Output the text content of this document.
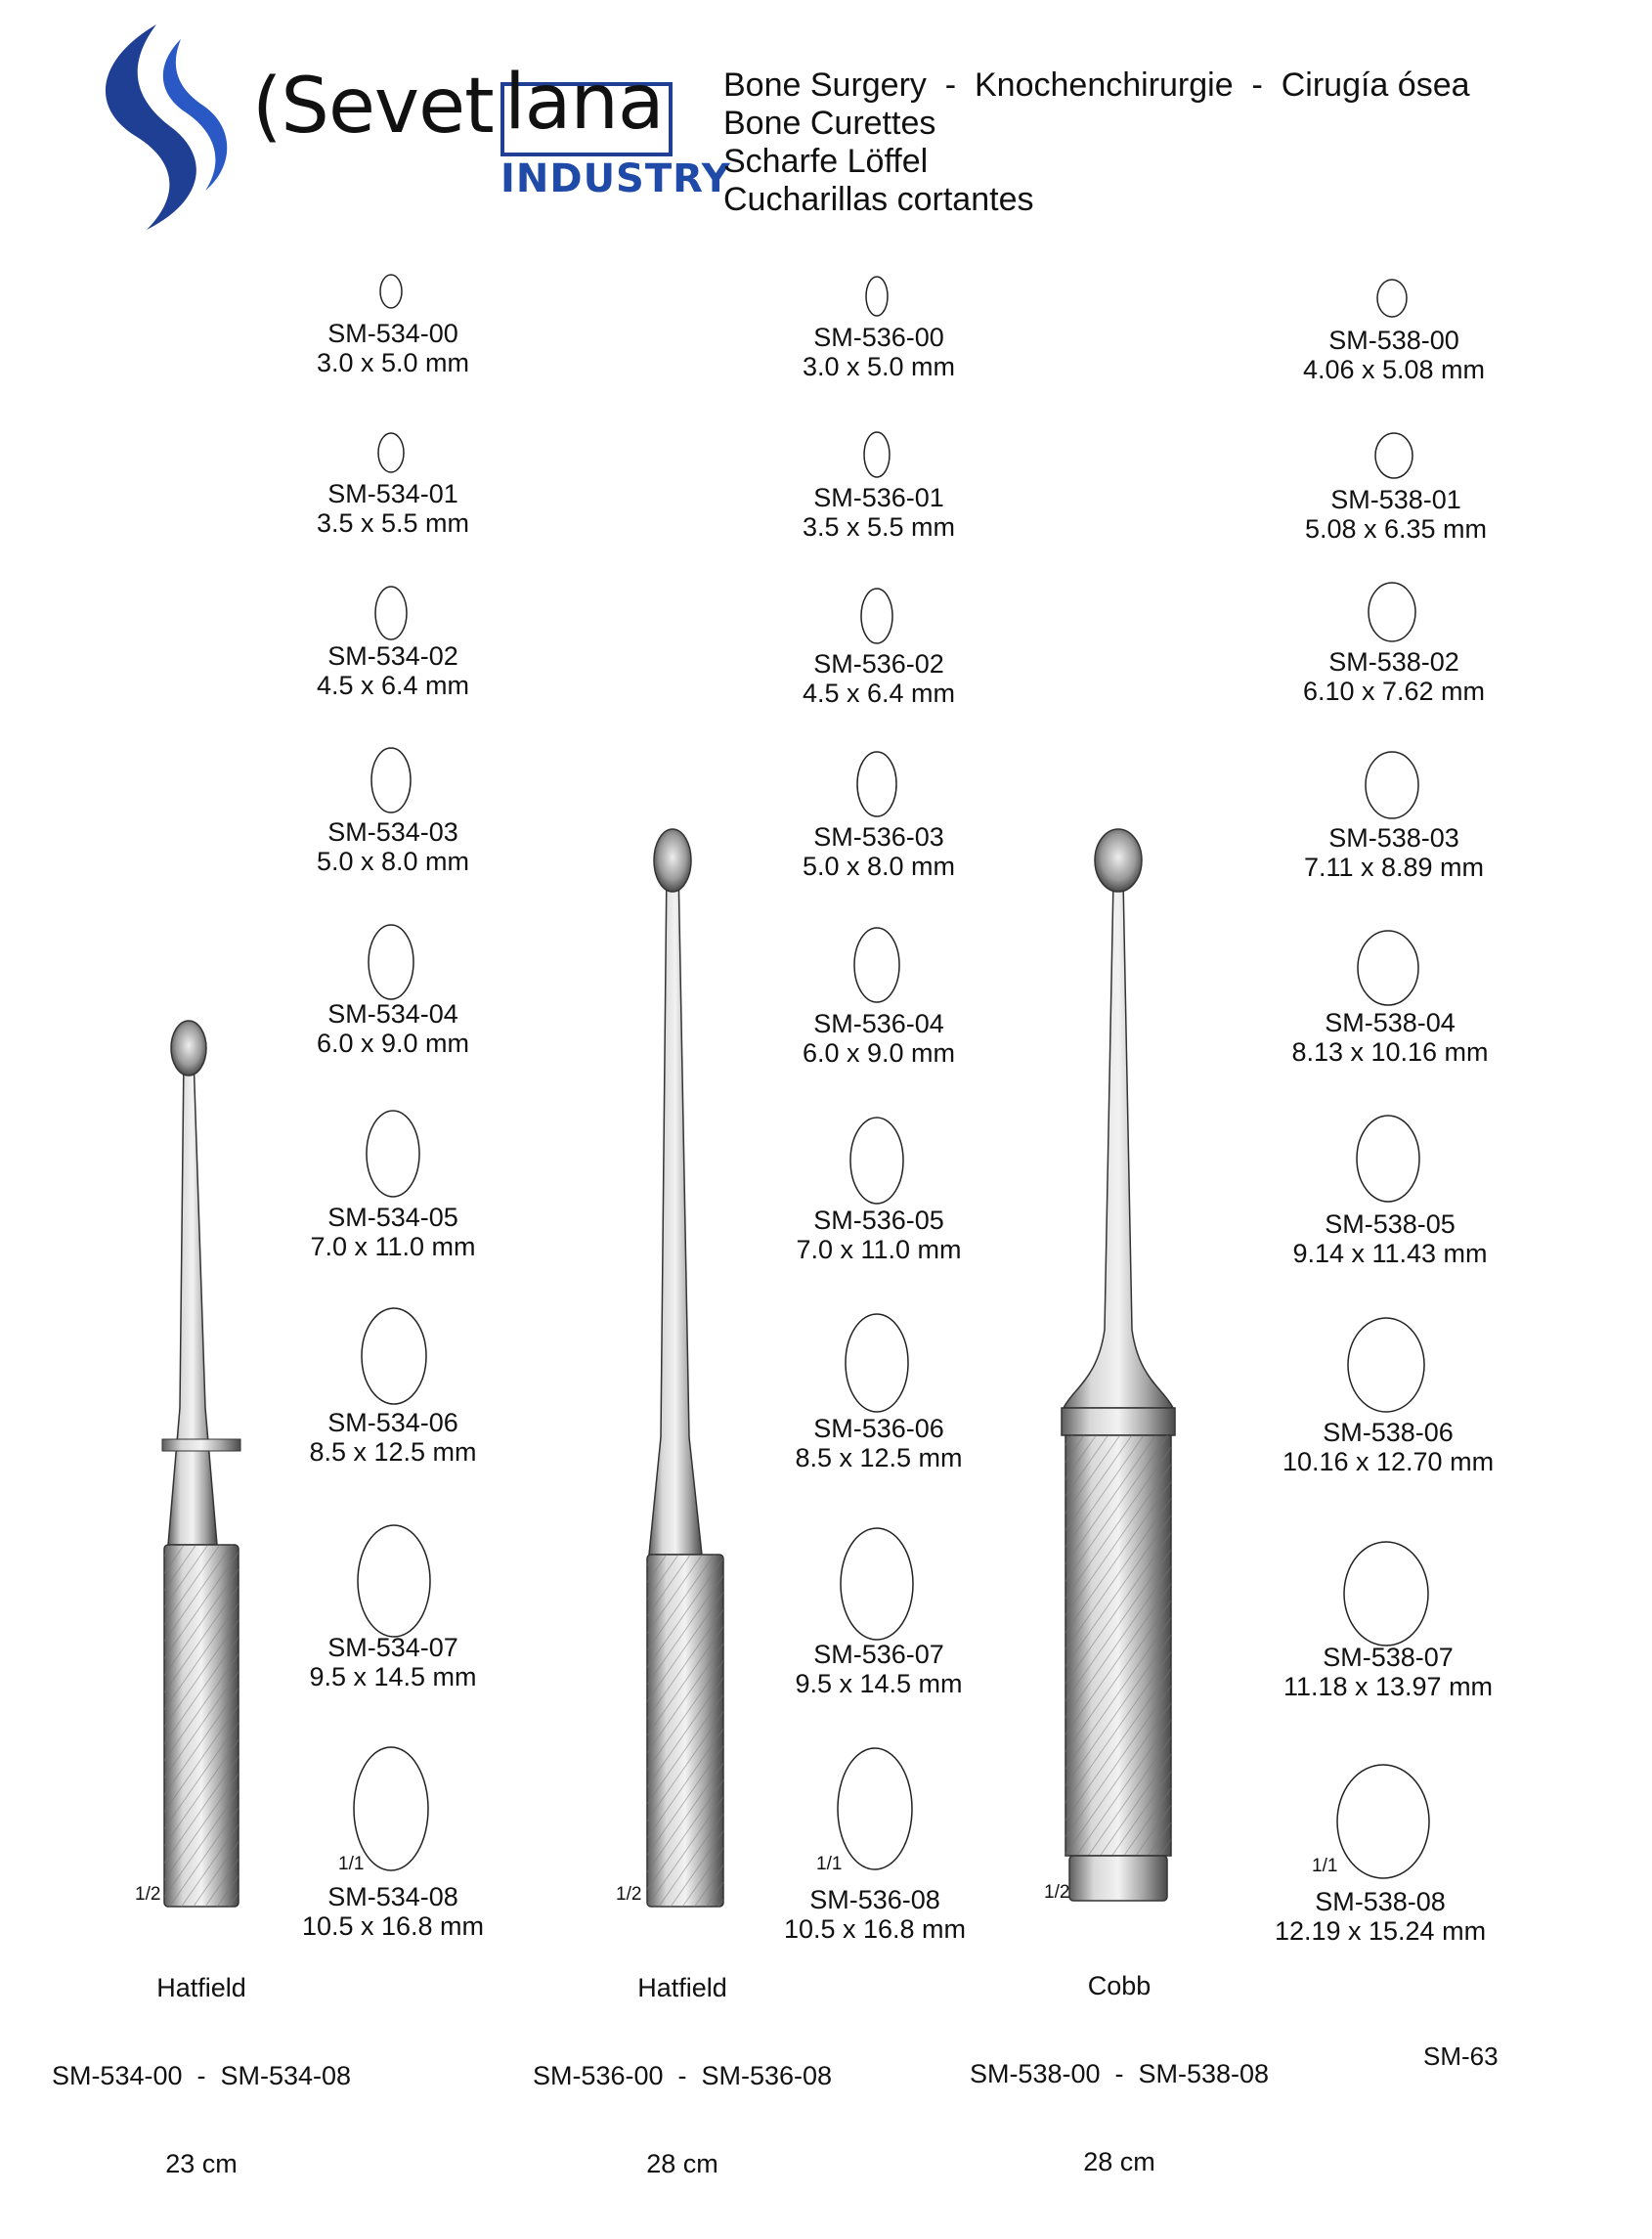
(Sevet lana
INDUSTRY
Bone Surgery  -  Knochenchirurgie  -  Cirugía ósea
Bone Curettes
Scharfe Löffel
Cucharillas cortantes
SM-534-00
3.0 x 5.0 mm
SM-534-01
3.5 x 5.5 mm
SM-534-02
4.5 x 6.4 mm
SM-534-03
5.0 x 8.0 mm
SM-534-04
6.0 x 9.0 mm
SM-534-05
7.0 x 11.0 mm
SM-534-06
8.5 x 12.5 mm
SM-534-07
9.5 x 14.5 mm
SM-534-08
10.5 x 16.8 mm
SM-536-00
3.0 x 5.0 mm
SM-536-01
3.5 x 5.5 mm
SM-536-02
4.5 x 6.4 mm
SM-536-03
5.0 x 8.0 mm
SM-536-04
6.0 x 9.0 mm
SM-536-05
7.0 x 11.0 mm
SM-536-06
8.5 x 12.5 mm
SM-536-07
9.5 x 14.5 mm
SM-536-08
10.5 x 16.8 mm
SM-538-00
4.06 x 5.08 mm
SM-538-01
5.08 x 6.35 mm
SM-538-02
6.10 x 7.62 mm
SM-538-03
7.11 x 8.89 mm
SM-538-04
8.13 x 10.16 mm
SM-538-05
9.14 x 11.43 mm
SM-538-06
10.16 x 12.70 mm
SM-538-07
11.18 x 13.97 mm
SM-538-08
12.19 x 15.24 mm
1/1
1/2
1/1
1/2
1/1
1/2

Hatfield

SM-534-00  -  SM-534-08

23 cm

Hatfield

SM-536-00  -  SM-536-08

28 cm

Cobb

SM-538-00  -  SM-538-08

28 cm

SM-63
